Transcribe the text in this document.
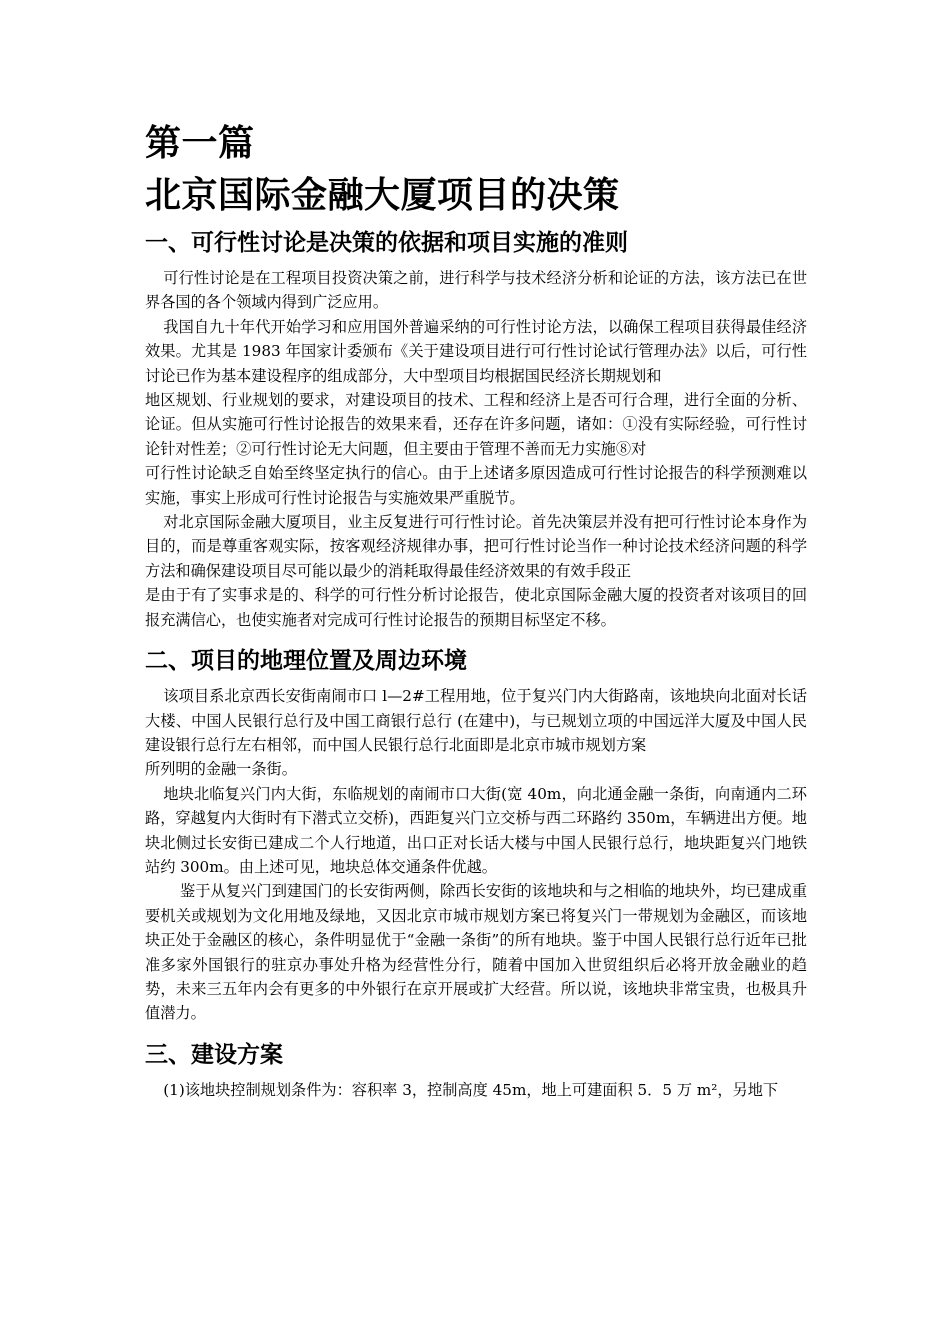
第一篇
北京国际金融大厦项目的决策
一、可行性讨论是决策的依据和项目实施的准则

可行性讨论是在工程项目投资决策之前，进行科学与技术经济分析和论证的方法，该方法已在世界各国的各个领域内得到广泛应用。

我国自九十年代开始学习和应用国外普遍采纳的可行性讨论方法，以确保工程项目获得最佳经济效果。尤其是 1983 年国家计委颁布《关于建设项目进行可行性讨论试行管理办法》以后，可行性讨论已作为基本建设程序的组成部分，大中型项目均根据国民经济长期规划和

地区规划、行业规划的要求，对建设项目的技术、工程和经济上是否可行合理，进行全面的分析、论证。但从实施可行性讨论报告的效果来看，还存在许多问题，诸如：①没有实际经验，可行性讨论针对性差；②可行性讨论无大问题，但主要由于管理不善而无力实施⑧对

可行性讨论缺乏自始至终坚定执行的信心。由于上述诸多原因造成可行性讨论报告的科学预测难以实施，事实上形成可行性讨论报告与实施效果严重脱节。

对北京国际金融大厦项目，业主反复进行可行性讨论。首先决策层并没有把可行性讨论本身作为目的，而是尊重客观实际，按客观经济规律办事，把可行性讨论当作一种讨论技术经济问题的科学方法和确保建设项目尽可能以最少的消耗取得最佳经济效果的有效手段正

是由于有了实事求是的、科学的可行性分析讨论报告，使北京国际金融大厦的投资者对该项目的回报充满信心，也使实施者对完成可行性讨论报告的预期目标坚定不移。

二、项目的地理位置及周边环境

该项目系北京西长安街南闹市口 l—2#工程用地，位于复兴门内大街路南，该地块向北面对长话大楼、中国人民银行总行及中国工商银行总行 (在建中)，与已规划立项的中国远洋大厦及中国人民建设银行总行左右相邻，而中国人民银行总行北面即是北京市城市规划方案

所列明的金融一条街。

地块北临复兴门内大街，东临规划的南闹市口大街(宽 40m，向北通金融一条街，向南通内二环路，穿越复内大街时有下潜式立交桥)，西距复兴门立交桥与西二环路约 350m，车辆进出方便。地块北侧过长安街已建成二个人行地道，出口正对长话大楼与中国人民银行总行，地块距复兴门地铁站约 300m。由上述可见，地块总体交通条件优越。

鉴于从复兴门到建国门的长安街两侧，除西长安街的该地块和与之相临的地块外，均已建成重要机关或规划为文化用地及绿地，又因北京市城市规划方案已将复兴门一带规划为金融区，而该地块正处于金融区的核心，条件明显优于“金融一条街”的所有地块。鉴于中国人民银行总行近年已批准多家外国银行的驻京办事处升格为经营性分行，随着中国加入世贸组织后必将开放金融业的趋势，未来三五年内会有更多的中外银行在京开展或扩大经营。所以说，该地块非常宝贵，也极具升值潜力。

三、建设方案

(1)该地块控制规划条件为：容积率 3，控制高度 45m，地上可建面积 5．5 万 m²，另地下
